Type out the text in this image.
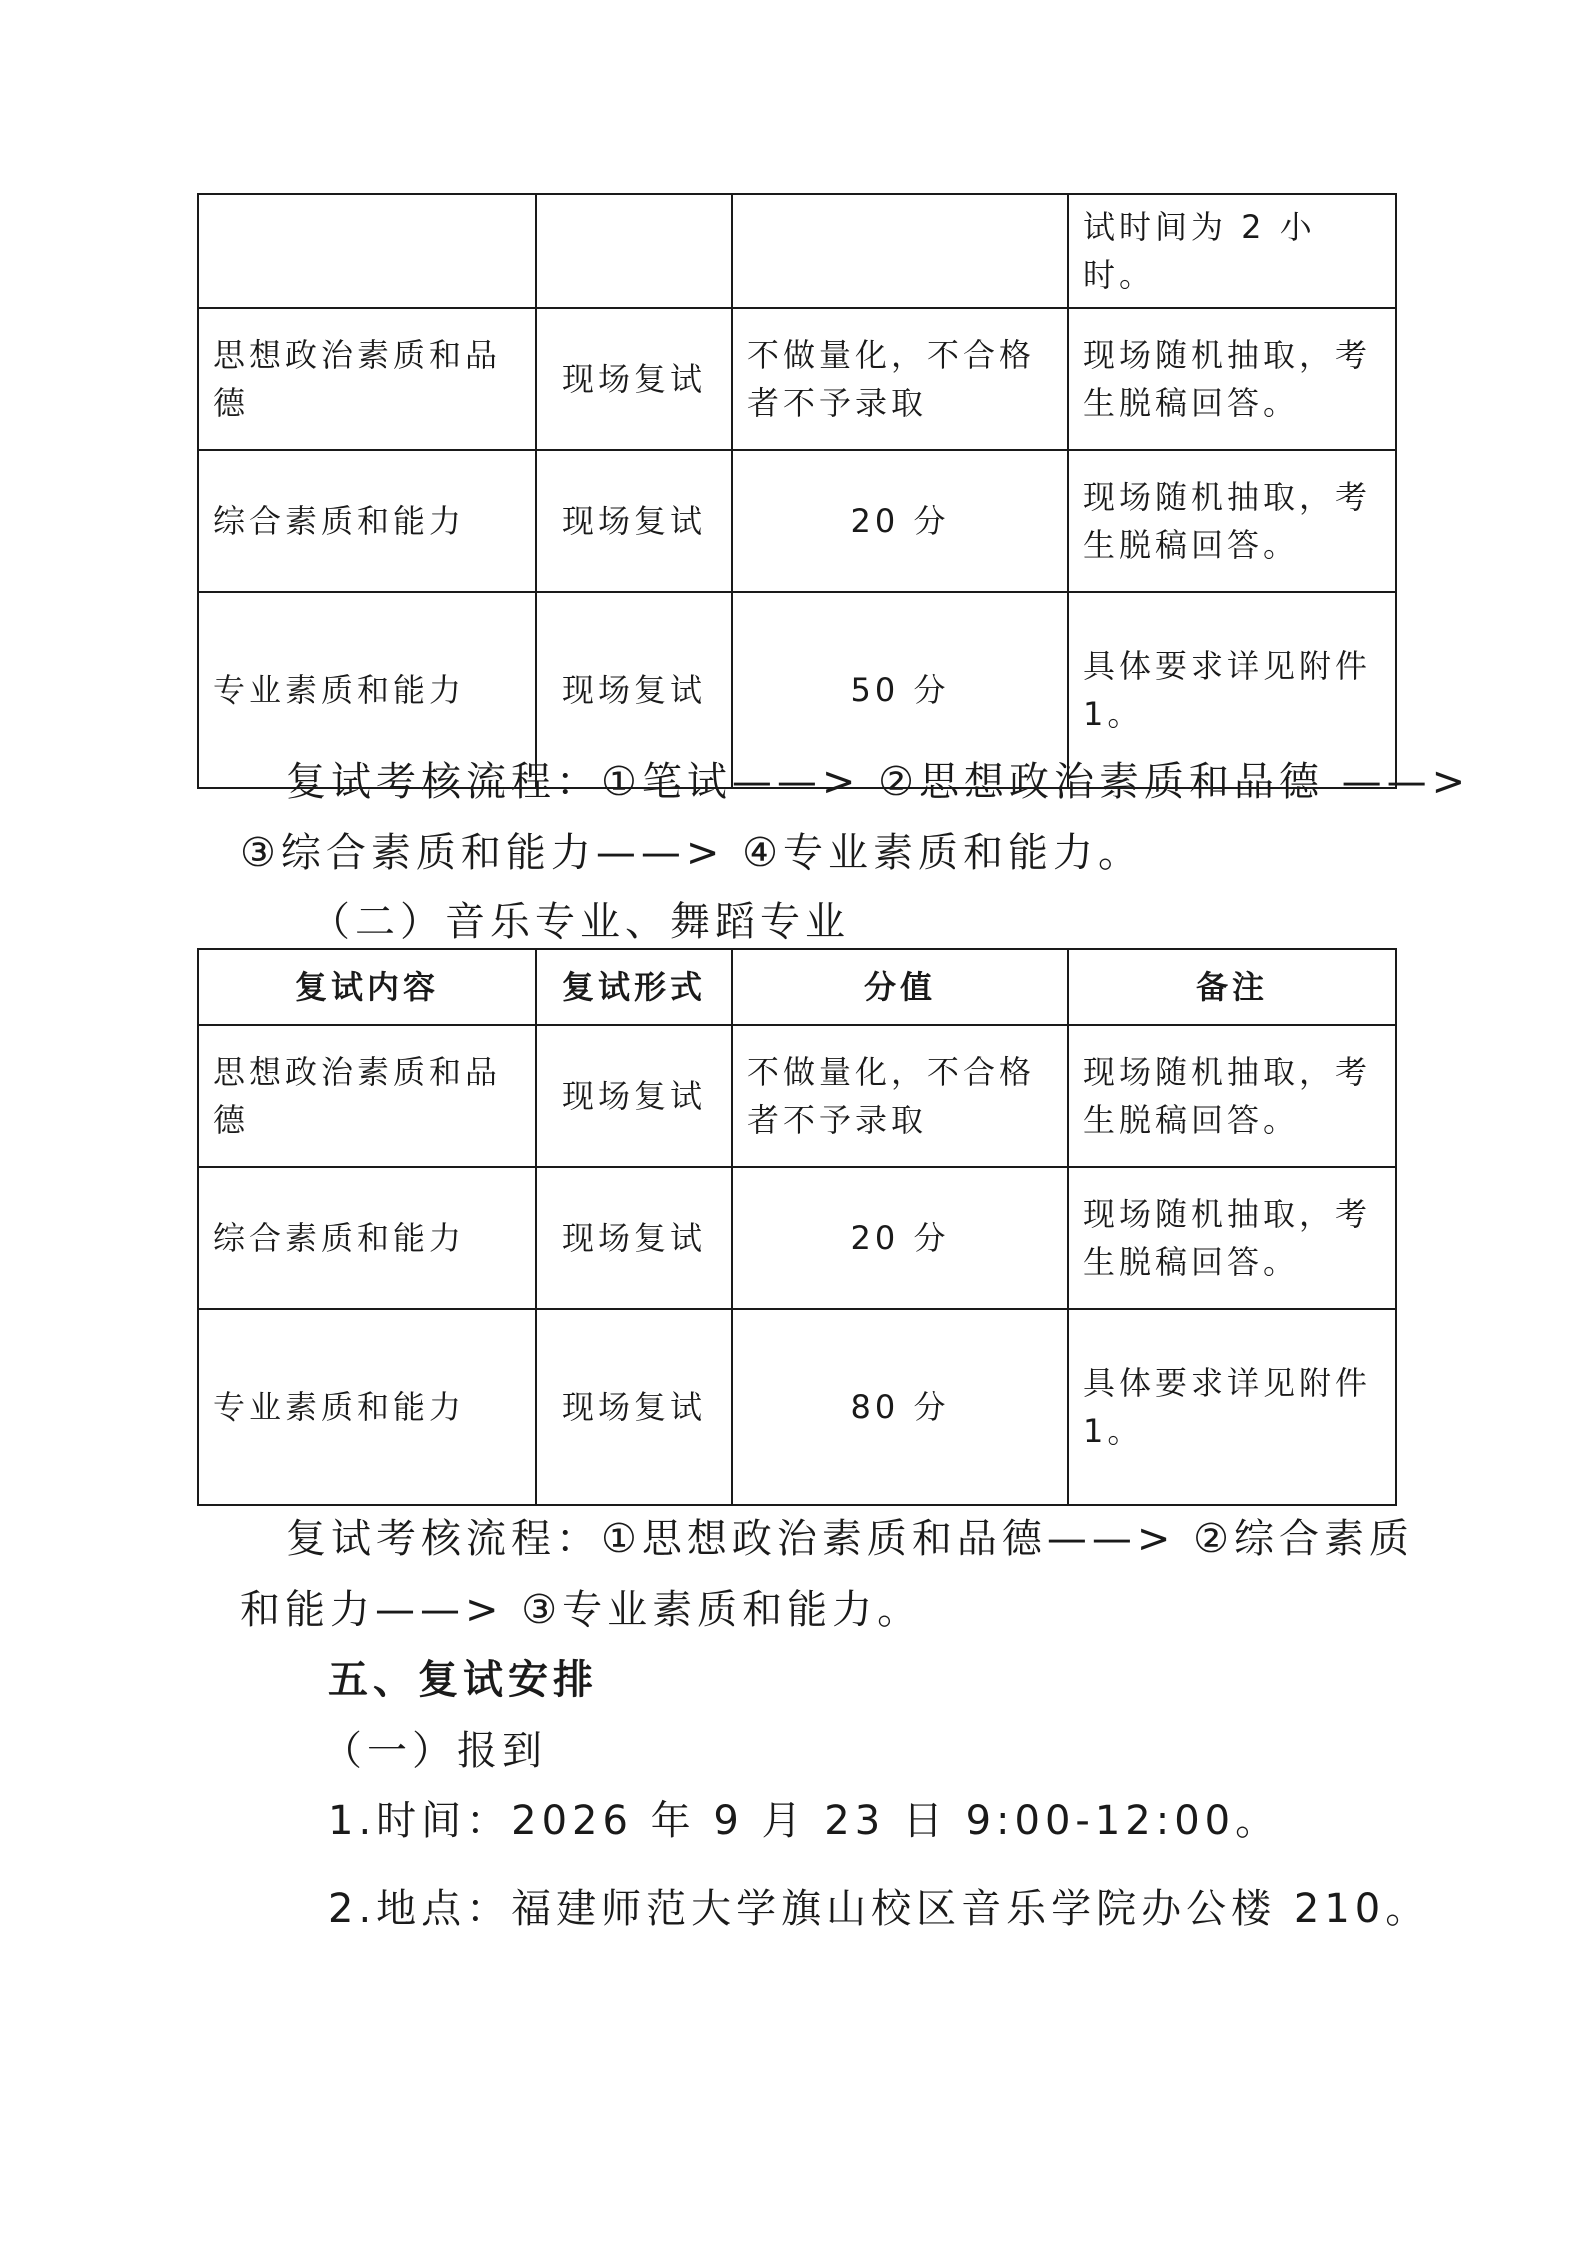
			试时间为 2 小时。
思想政治素质和品德	现场复试	不做量化，不合格者不予录取	现场随机抽取，考生脱稿回答。
综合素质和能力	现场复试	20 分	现场随机抽取，考生脱稿回答。
专业素质和能力	现场复试	50 分	具体要求详见附件 1。
复试考核流程：①笔试——> ②思想政治素质和品德 ——>
③综合素质和能力——> ④专业素质和能力。
（二）音乐专业、舞蹈专业
复试内容	复试形式	分值	备注
思想政治素质和品德	现场复试	不做量化，不合格者不予录取	现场随机抽取，考生脱稿回答。
综合素质和能力	现场复试	20 分	现场随机抽取，考生脱稿回答。
专业素质和能力	现场复试	80 分	具体要求详见附件 1。
复试考核流程：①思想政治素质和品德——> ②综合素质
和能力——> ③专业素质和能力。
五、复试安排
（一）报到
1.时间：2026 年 9 月 23 日 9:00-12:00。
2.地点：福建师范大学旗山校区音乐学院办公楼 210。
